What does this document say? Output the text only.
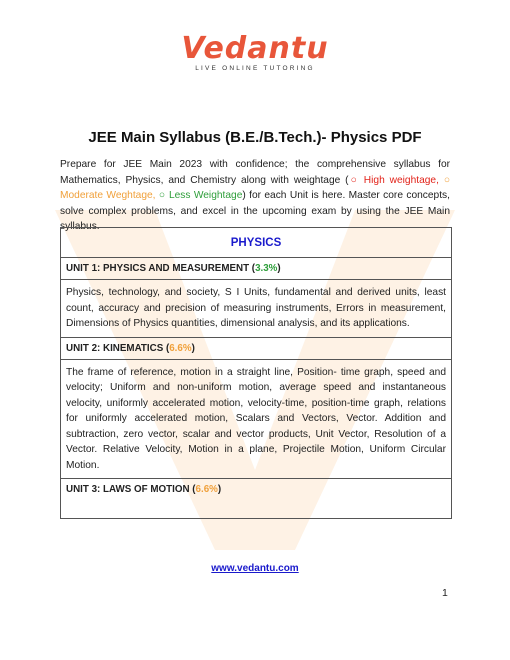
Vedantu
LIVE ONLINE TUTORING
JEE Main Syllabus (B.E./B.Tech.)- Physics PDF

Prepare for JEE Main 2023 with confidence; the comprehensive syllabus for Mathematics, Physics, and Chemistry along with weightage (○ High weightage, ○ Moderate Weghtage, ○ Less Weightage) for each Unit is here. Master core concepts, solve complex problems, and excel in the upcoming exam by using the JEE Main syllabus.

PHYSICS
UNIT 1: PHYSICS AND MEASUREMENT (3.3%)
Physics, technology, and society, S I Units, fundamental and derived units, least count, accuracy and precision of measuring instruments, Errors in measurement, Dimensions of Physics quantities, dimensional analysis, and its applications.
UNIT 2: KINEMATICS (6.6%)
The frame of reference, motion in a straight line, Position- time graph, speed and velocity; Uniform and non-uniform motion, average speed and instantaneous velocity, uniformly accelerated motion, velocity-time, position-time graph, relations for uniformly accelerated motion, Scalars and Vectors, Vector. Addition and subtraction, zero vector, scalar and vector products, Unit Vector, Resolution of a Vector. Relative Velocity, Motion in a plane, Projectile Motion, Uniform Circular Motion.
UNIT 3: LAWS OF MOTION (6.6%)
www.vedantu.com
1
